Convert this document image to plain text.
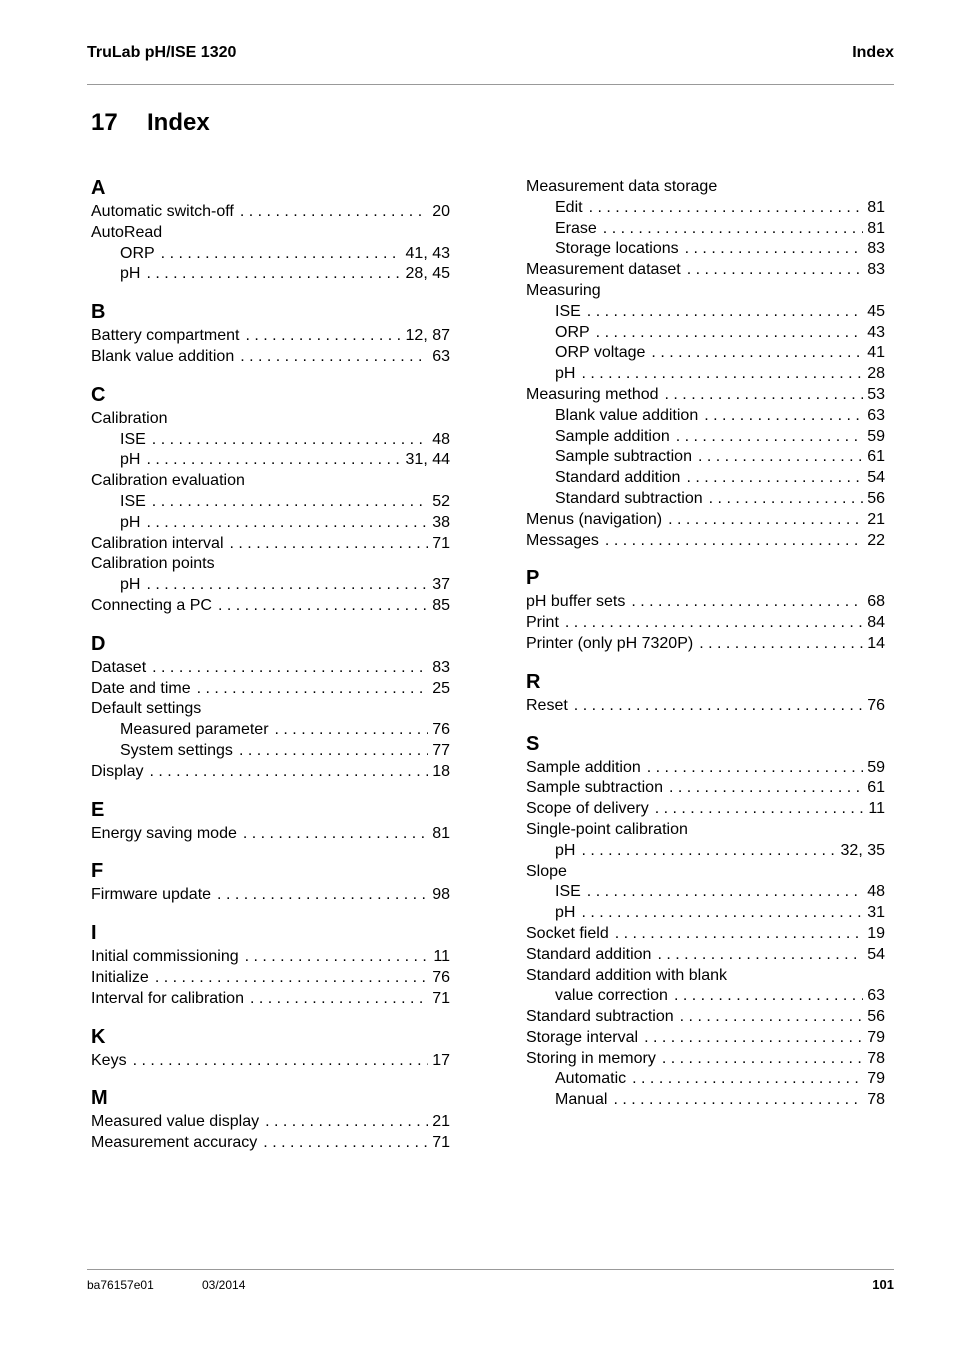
TruLab pH/ISE 1320	Index
17 Index
A
Automatic switch-off . . .	20
AutoRead
ORP . . .	41, 43
pH . . .	28, 45
B
Battery compartment . . .	12, 87
Blank value addition . . .	63
C
Calibration
ISE . . .	48
pH . . .	31, 44
Calibration evaluation
ISE . . .	52
pH . . .	38
Calibration interval . . .	71
Calibration points
pH . . .	37
Connecting a PC . . .	85
D
Dataset . . .	83
Date and time . . .	25
Default settings
Measured parameter . . .	76
System settings . . .	77
Display . . .	18
E
Energy saving mode . . .	81
F
Firmware update . . .	98
I
Initial commissioning . . .	11
Initialize . . .	76
Interval for calibration . . .	71
K
Keys . . .	17
M
Measured value display . . .	21
Measurement accuracy . . .	71
Measurement data storage
Edit . . .	81
Erase . . .	81
Storage locations . . .	83
Measurement dataset . . .	83
Measuring
ISE . . .	45
ORP . . .	43
ORP voltage . . .	41
pH . . .	28
Measuring method . . .	53
Blank value addition . . .	63
Sample addition . . .	59
Sample subtraction . . .	61
Standard addition . . .	54
Standard subtraction . . .	56
Menus (navigation) . . .	21
Messages . . .	22
P
pH buffer sets . . .	68
Print . . .	84
Printer (only pH 7320P) . . .	14
R
Reset . . .	76
S
Sample addition . . .	59
Sample subtraction . . .	61
Scope of delivery . . .	11
Single-point calibration
pH . . .	32, 35
Slope
ISE . . .	48
pH . . .	31
Socket field . . .	19
Standard addition . . .	54
Standard addition with blank
value correction . . .	63
Standard subtraction . . .	56
Storage interval . . .	79
Storing in memory . . .	78
Automatic . . .	79
Manual . . .	78
ba76157e01	03/2014	101
